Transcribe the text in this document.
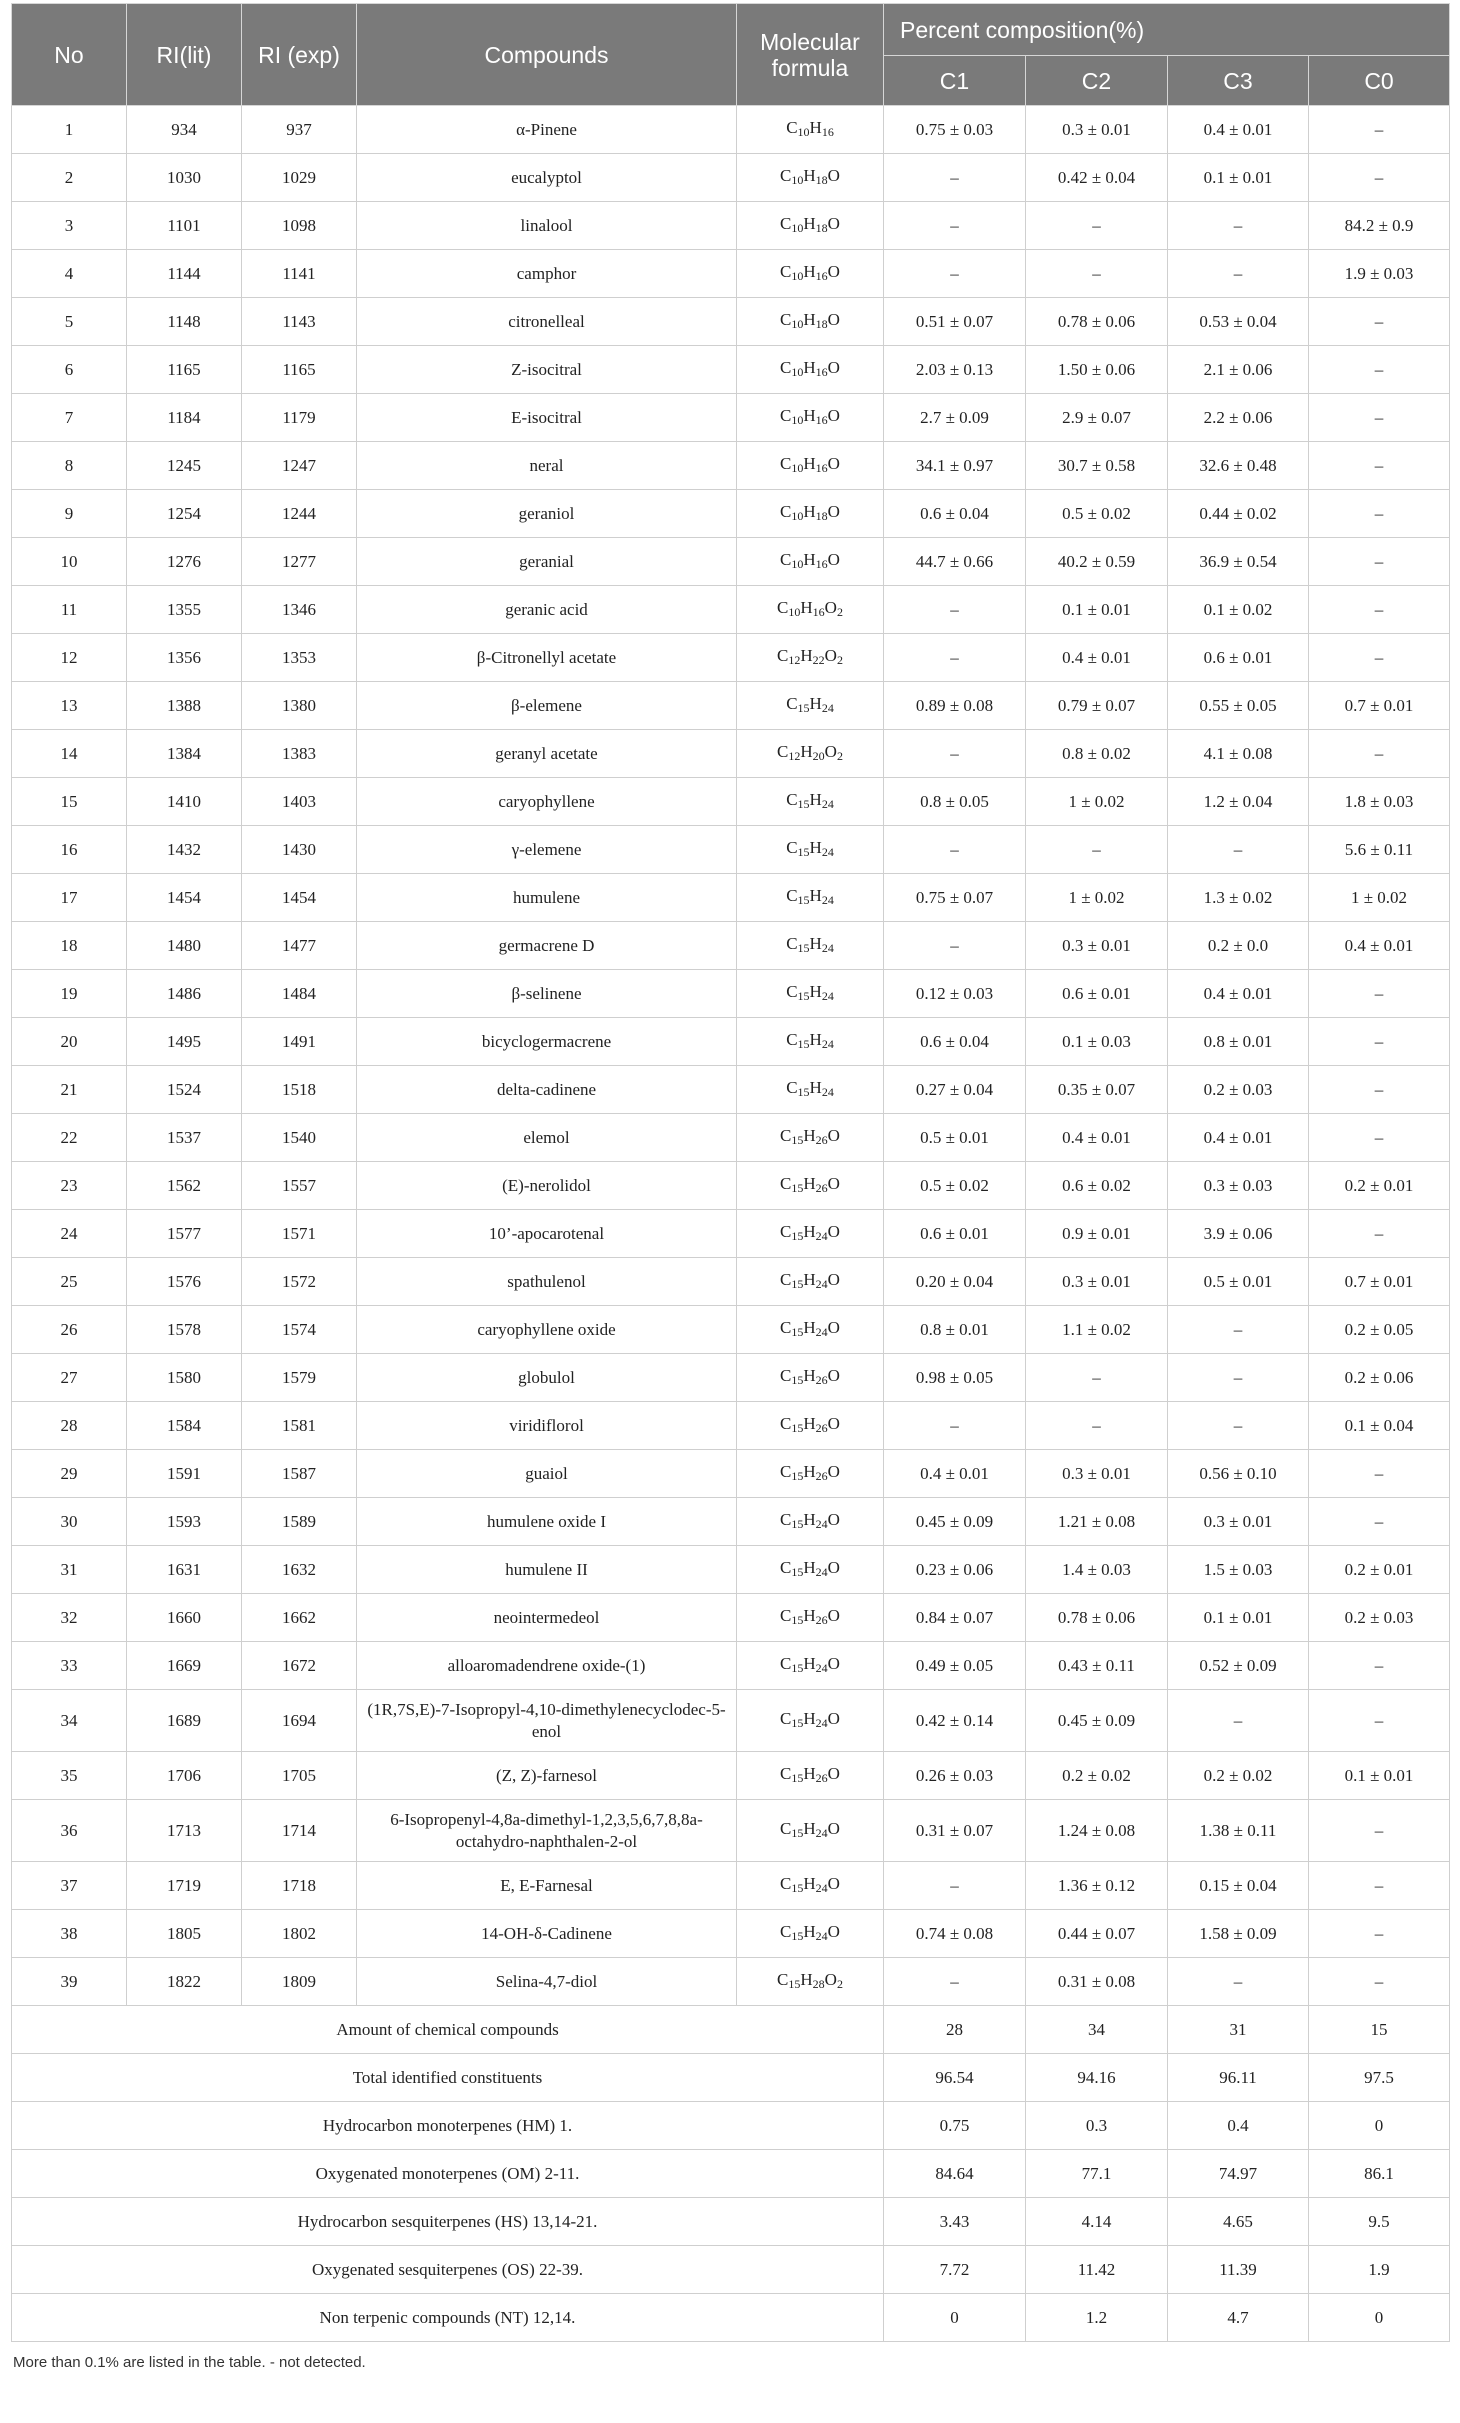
No	RI(lit)	RI (exp)	Compounds	Molecular formula	Percent composition(%)			
					C1	C2	C3	C0
1	934	937	α-Pinene	$C_{10}H_{16}$	0.75 ± 0.03	0.3 ± 0.01	0.4 ± 0.01	–
2	1030	1029	eucalyptol	$C_{10}H_{18}O$	–	0.42 ± 0.04	0.1 ± 0.01	–
3	1101	1098	linalool	$C_{10}H_{18}O$	–	–	–	84.2 ± 0.9
4	1144	1141	camphor	$C_{10}H_{16}O$	–	–	–	1.9 ± 0.03
5	1148	1143	citronelleal	$C_{10}H_{18}O$	0.51 ± 0.07	0.78 ± 0.06	0.53 ± 0.04	–
6	1165	1165	Z-isocitral	$C_{10}H_{16}O$	2.03 ± 0.13	1.50 ± 0.06	2.1 ± 0.06	–
7	1184	1179	E-isocitral	$C_{10}H_{16}O$	2.7 ± 0.09	2.9 ± 0.07	2.2 ± 0.06	–
8	1245	1247	neral	$C_{10}H_{16}O$	34.1 ± 0.97	30.7 ± 0.58	32.6 ± 0.48	–
9	1254	1244	geraniol	$C_{10}H_{18}O$	0.6 ± 0.04	0.5 ± 0.02	0.44 ± 0.02	–
10	1276	1277	geranial	$C_{10}H_{16}O$	44.7 ± 0.66	40.2 ± 0.59	36.9 ± 0.54	–
11	1355	1346	geranic acid	$C_{10}H_{16}O_2$	–	0.1 ± 0.01	0.1 ± 0.02	–
12	1356	1353	β-Citronellyl acetate	$C_{12}H_{22}O_2$	–	0.4 ± 0.01	0.6 ± 0.01	–
13	1388	1380	β-elemene	$C_{15}H_{24}$	0.89 ± 0.08	0.79 ± 0.07	0.55 ± 0.05	0.7 ± 0.01
14	1384	1383	geranyl acetate	$C_{12}H_{20}O_2$	–	0.8 ± 0.02	4.1 ± 0.08	–
15	1410	1403	caryophyllene	$C_{15}H_{24}$	0.8 ± 0.05	1 ± 0.02	1.2 ± 0.04	1.8 ± 0.03
16	1432	1430	γ-elemene	$C_{15}H_{24}$	–	–	–	5.6 ± 0.11
17	1454	1454	humulene	$C_{15}H_{24}$	0.75 ± 0.07	1 ± 0.02	1.3 ± 0.02	1 ± 0.02
18	1480	1477	germacrene D	$C_{15}H_{24}$	–	0.3 ± 0.01	0.2 ± 0.0	0.4 ± 0.01
19	1486	1484	β-selinene	$C_{15}H_{24}$	0.12 ± 0.03	0.6 ± 0.01	0.4 ± 0.01	–
20	1495	1491	bicyclogermacrene	$C_{15}H_{24}$	0.6 ± 0.04	0.1 ± 0.03	0.8 ± 0.01	–
21	1524	1518	delta-cadinene	$C_{15}H_{24}$	0.27 ± 0.04	0.35 ± 0.07	0.2 ± 0.03	–
22	1537	1540	elemol	$C_{15}H_{26}O$	0.5 ± 0.01	0.4 ± 0.01	0.4 ± 0.01	–
23	1562	1557	(E)-nerolidol	$C_{15}H_{26}O$	0.5 ± 0.02	0.6 ± 0.02	0.3 ± 0.03	0.2 ± 0.01
24	1577	1571	10’-apocarotenal	$C_{15}H_{24}O$	0.6 ± 0.01	0.9 ± 0.01	3.9 ± 0.06	–
25	1576	1572	spathulenol	$C_{15}H_{24}O$	0.20 ± 0.04	0.3 ± 0.01	0.5 ± 0.01	0.7 ± 0.01
26	1578	1574	caryophyllene oxide	$C_{15}H_{24}O$	0.8 ± 0.01	1.1 ± 0.02	–	0.2 ± 0.05
27	1580	1579	globulol	$C_{15}H_{26}O$	0.98 ± 0.05	–	–	0.2 ± 0.06
28	1584	1581	viridiflorol	$C_{15}H_{26}O$	–	–	–	0.1 ± 0.04
29	1591	1587	guaiol	$C_{15}H_{26}O$	0.4 ± 0.01	0.3 ± 0.01	0.56 ± 0.10	–
30	1593	1589	humulene oxide I	$C_{15}H_{24}O$	0.45 ± 0.09	1.21 ± 0.08	0.3 ± 0.01	–
31	1631	1632	humulene II	$C_{15}H_{24}O$	0.23 ± 0.06	1.4 ± 0.03	1.5 ± 0.03	0.2 ± 0.01
32	1660	1662	neointermedeol	$C_{15}H_{26}O$	0.84 ± 0.07	0.78 ± 0.06	0.1 ± 0.01	0.2 ± 0.03
33	1669	1672	alloaromadendrene oxide-(1)	$C_{15}H_{24}O$	0.49 ± 0.05	0.43 ± 0.11	0.52 ± 0.09	–
34	1689	1694	(1R,7S,E)-7-Isopropyl-4,10-dimethylenecyclodec-5-enol	$C_{15}H_{24}O$	0.42 ± 0.14	0.45 ± 0.09	–	–
35	1706	1705	(Z, Z)-farnesol	$C_{15}H_{26}O$	0.26 ± 0.03	0.2 ± 0.02	0.2 ± 0.02	0.1 ± 0.01
36	1713	1714	6-Isopropenyl-4,8a-dimethyl-1,2,3,5,6,7,8,8a-octahydro-naphthalen-2-ol	$C_{15}H_{24}O$	0.31 ± 0.07	1.24 ± 0.08	1.38 ± 0.11	–
37	1719	1718	E, E-Farnesal	$C_{15}H_{24}O$	–	1.36 ± 0.12	0.15 ± 0.04	–
38	1805	1802	14-OH-δ-Cadinene	$C_{15}H_{24}O$	0.74 ± 0.08	0.44 ± 0.07	1.58 ± 0.09	–
39	1822	1809	Selina-4,7-diol	$C_{15}H_{28}O_2$	–	0.31 ± 0.08	–	–
Amount of chemical compounds					28	34	31	15
Total identified constituents					96.54	94.16	96.11	97.5
Hydrocarbon monoterpenes (HM) 1.					0.75	0.3	0.4	0
Oxygenated monoterpenes (OM) 2-11.					84.64	77.1	74.97	86.1
Hydrocarbon sesquiterpenes (HS) 13,14-21.					3.43	4.14	4.65	9.5
Oxygenated sesquiterpenes (OS) 22-39.					7.72	11.42	11.39	1.9
Non terpenic compounds (NT) 12,14.					0	1.2	4.7	0
More than 0.1% are listed in the table. - not detected.
